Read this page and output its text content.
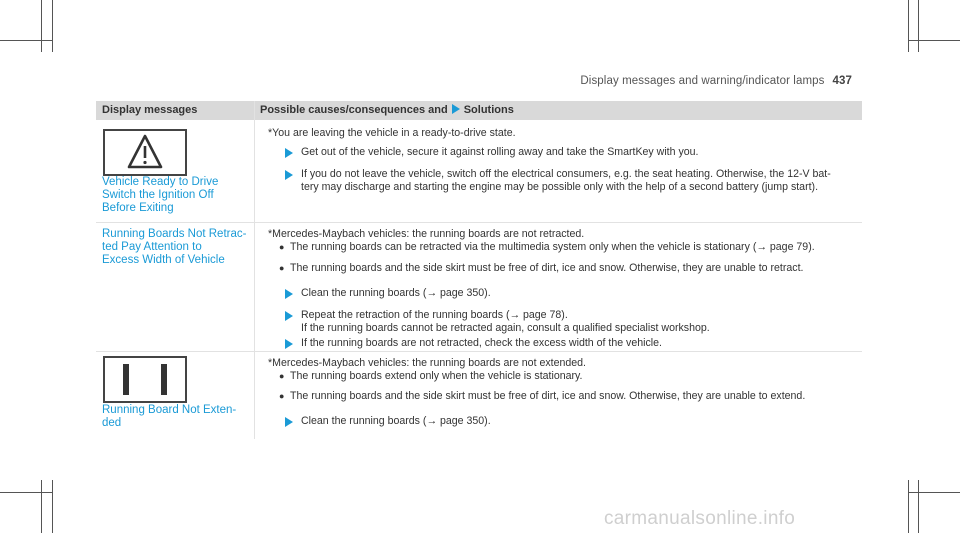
Display messages and warning/indicator lamps 437
Display messages	Possible causes/consequences and Solutions
Vehicle Ready to Drive
Switch the Ignition Off
Before Exiting
*You are leaving the vehicle in a ready-to-drive state.
Get out of the vehicle, secure it against rolling away and take the SmartKey with you.
If you do not leave the vehicle, switch off the electrical consumers, e.g. the seat heating. Otherwise, the 12-V bat-
tery may discharge and starting the engine may be possible only with the help of a second battery (jump start).
Running Boards Not Retrac-
ted Pay Attention to
Excess Width of Vehicle
*Mercedes-Maybach vehicles: the running boards are not retracted.
● The running boards can be retracted via the multimedia system only when the vehicle is stationary (→ page 79).
● The running boards and the side skirt must be free of dirt, ice and snow. Otherwise, they are unable to retract.
Clean the running boards (→ page 350).
Repeat the retraction of the running boards (→ page 78).
If the running boards cannot be retracted again, consult a qualified specialist workshop.
If the running boards are not retracted, check the excess width of the vehicle.
Running Board Not Exten-
ded
*Mercedes-Maybach vehicles: the running boards are not extended.
● The running boards extend only when the vehicle is stationary.
● The running boards and the side skirt must be free of dirt, ice and snow. Otherwise, they are unable to extend.
Clean the running boards (→ page 350).
carmanualsonline.info
